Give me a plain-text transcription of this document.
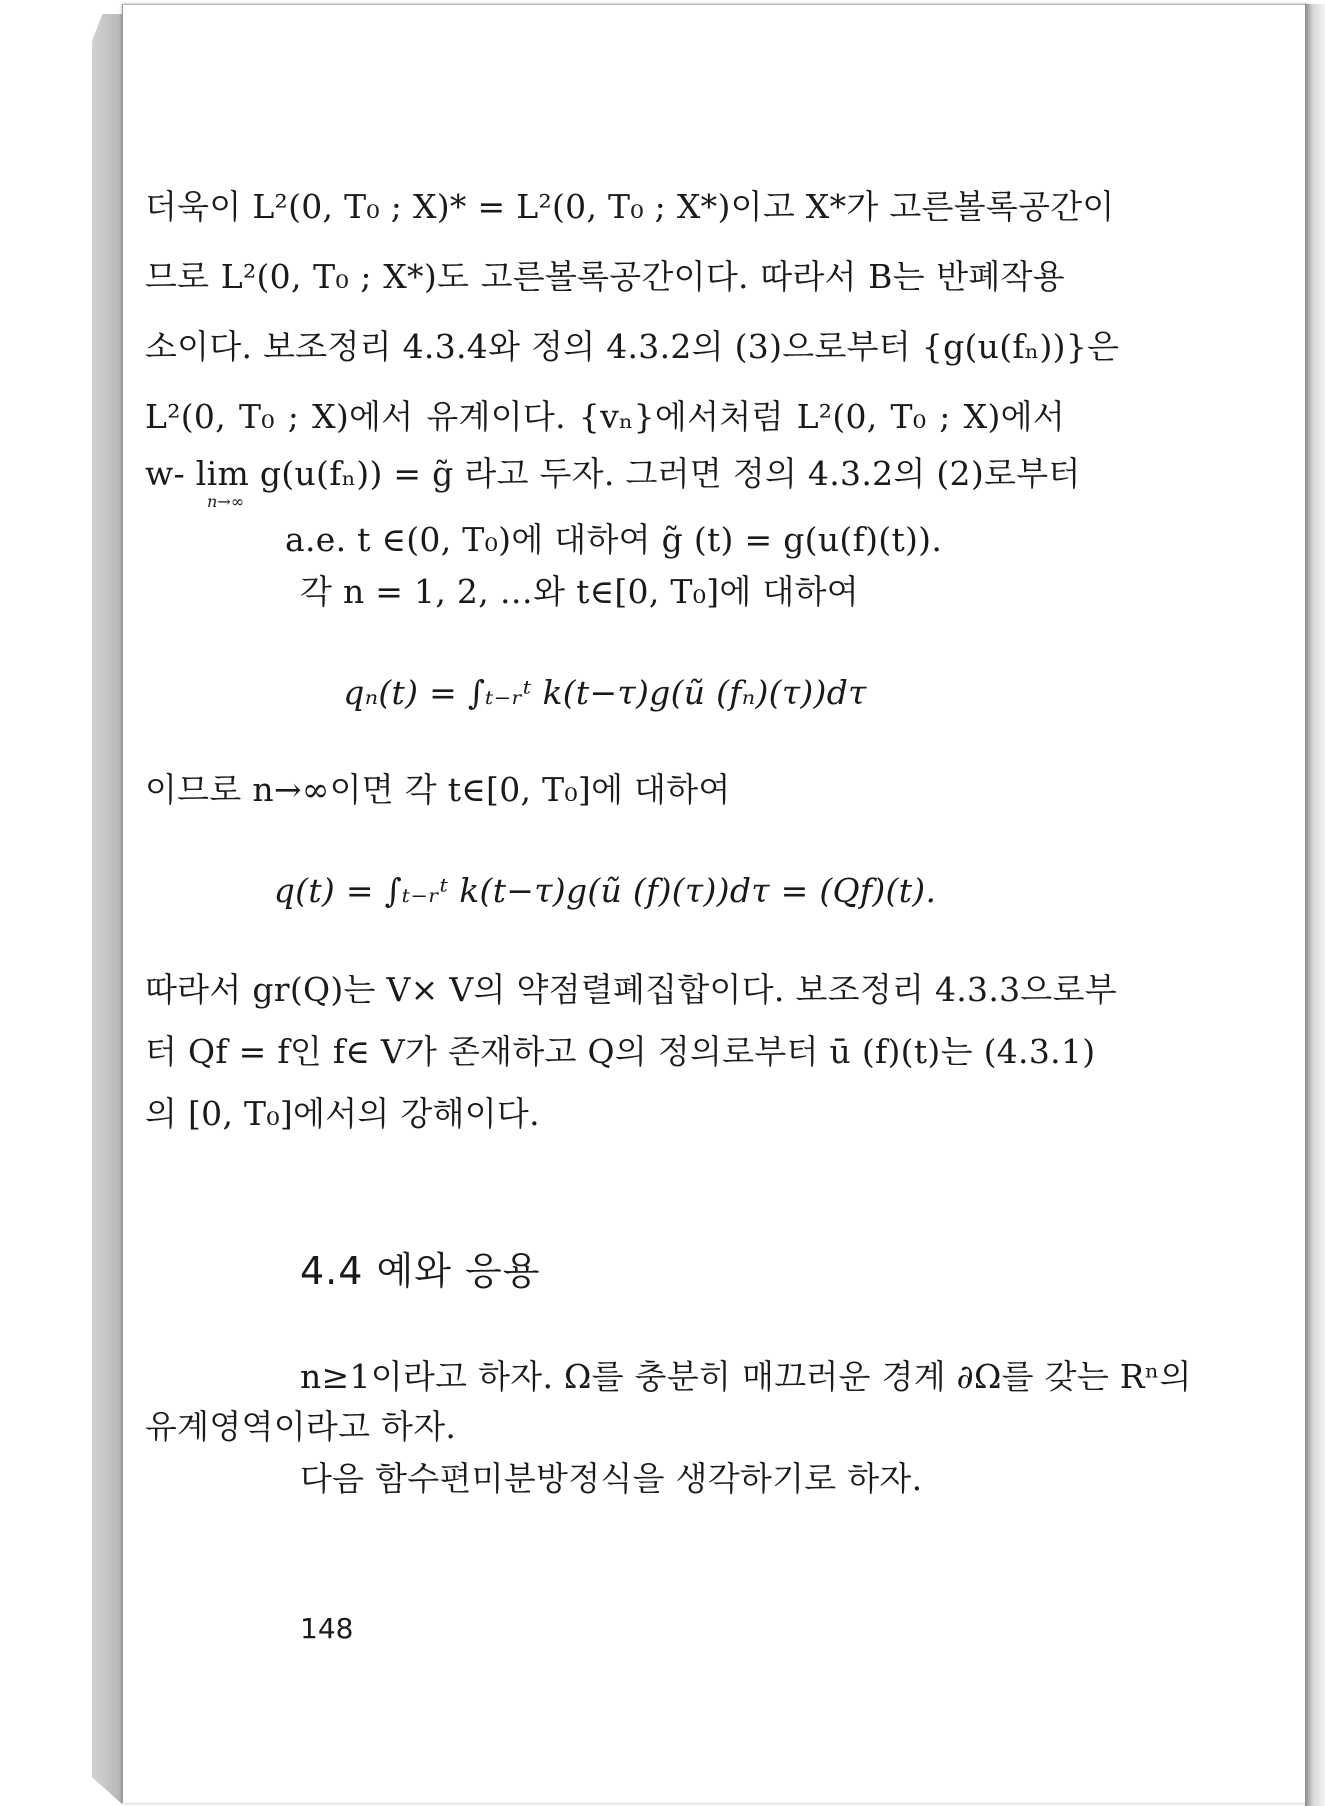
더욱이 L²(0, T₀ ; X)* = L²(0, T₀ ; X*)이고 X*가 고른볼록공간이
므로 L²(0, T₀ ; X*)도 고른볼록공간이다. 따라서 B는 반폐작용
소이다. 보조정리 4.3.4와 정의 4.3.2의 (3)으로부터 {g(u(fₙ))}은
L²(0, T₀ ; X)에서 유계이다. {vₙ}에서처럼 L²(0, T₀ ; X)에서
w- lim g(u(fₙ)) = g̃ 라고 두자. 그러면 정의 4.3.2의 (2)로부터
n→∞
a.e. t ∈(0, T₀)에 대하여 g̃ (t) = g(u(f)(t)).
각 n = 1, 2, …와 t∈[0, T₀]에 대하여
qₙ(t) = ∫ₜ₋ᵣᵗ k(t−τ)g(ũ (fₙ)(τ))dτ
이므로 n→∞이면 각 t∈[0, T₀]에 대하여
q(t) = ∫ₜ₋ᵣᵗ k(t−τ)g(ũ (f)(τ))dτ = (Qf)(t).
따라서 gr(Q)는 V× V의 약점렬폐집합이다. 보조정리 4.3.3으로부
터 Qf = f인 f∈ V가 존재하고 Q의 정의로부터 ū (f)(t)는 (4.3.1)
의 [0, T₀]에서의 강해이다.
n≥1이라고 하자. Ω를 충분히 매끄러운 경계 ∂Ω를 갖는 Rⁿ의
유계영역이라고 하자.
다음 함수편미분방정식을 생각하기로 하자.
4.4 예와 응용
148
